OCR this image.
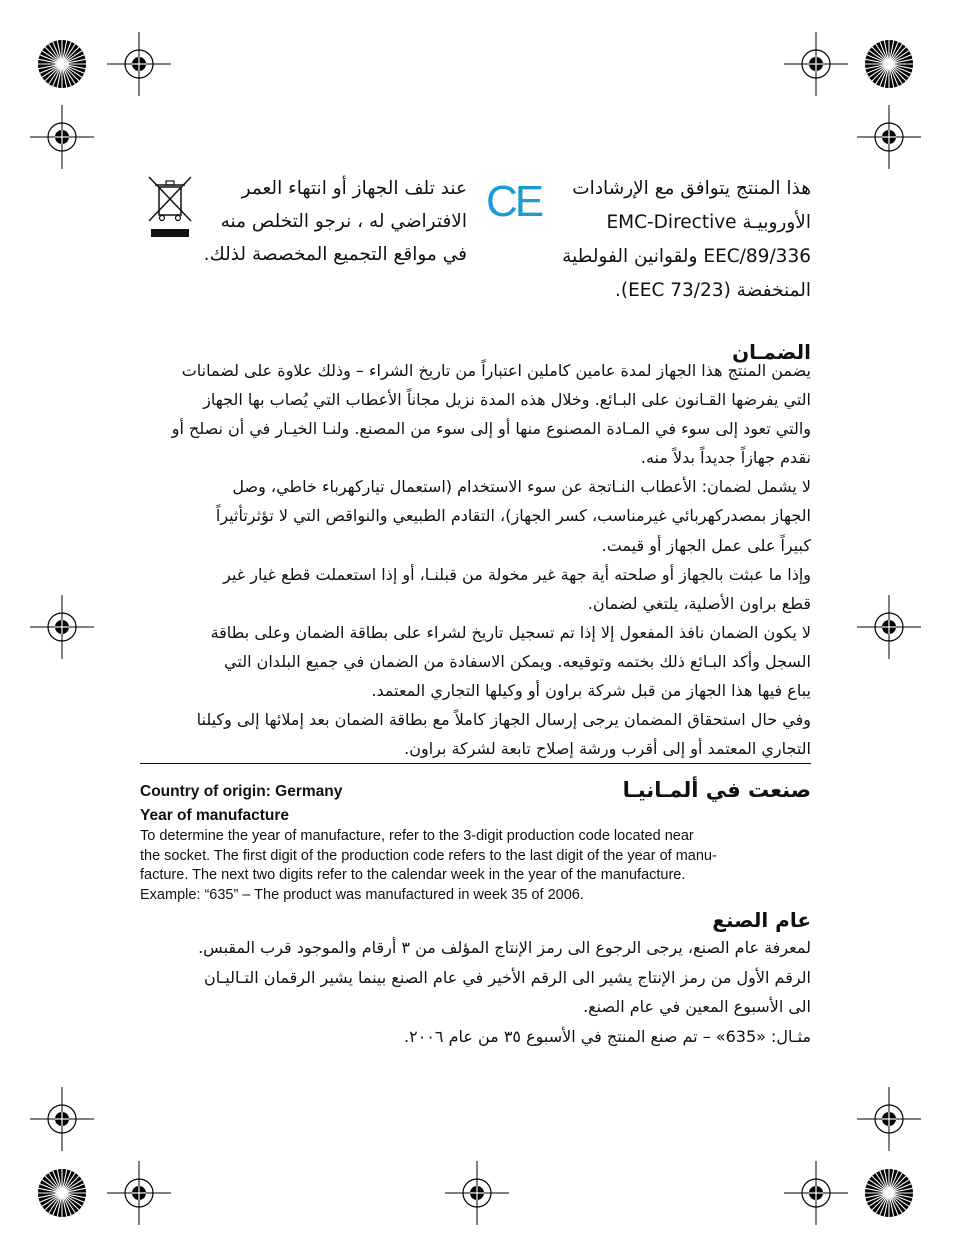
عند تلف الجهاز أو انتهاء العمر
الافتراضي له ، نرجو التخلص منه
في مواقع التجميع المخصصة لذلك.
CE	هذا المنتج يتوافق مع الإرشادات
الأوروبيـة EMC-Directive
89/336/EEC ولقوانين الفولطية
المنخفضة (73/23 EEC).
الضمـان
يضمن المنتج هذا الجهاز لمدة عامين كاملين اعتباراً من تاريخ الشراء – وذلك علاوة على لضمانات
التي يفرضها القـانون على البـائع. وخلال هذه المدة نزيل مجاناً الأعطاب التي يُصاب بها الجهاز
والتي تعود إلى سوء في المـادة المصنوع منها أو إلى سوء من المصنع. ولنـا الخيـار في أن نصلح أو
نقدم جهازاً جديداً بدلاً منه.
لا يشمل لضمان: الأعطاب النـاتجة عن سوء الاستخدام (استعمال تياركهرباء خاطي، وصل
الجهاز بمصدركهربائي غيرمناسب، كسر الجهاز)، التقادم الطبيعي والنواقص التي لا تؤثرتأثيراً
كبيراً على عمل الجهاز أو قيمت.
وإذا ما عبثت بالجهاز أو صلحته أية جهة غير مخولة من قبلنـا، أو إذا استعملت قطع غيار غير
قطع براون الأصلية، يلتغي لضمان.
لا يكون الضمان نافذ المفعول إلا إذا تم تسجيل تاريخ لشراء على بطاقة الضمان وعلى بطاقة
السجل وأكد البـائع ذلك بختمه وتوقيعه. ويمكن الاسفادة من الضمان في جميع البلدان التي
يباع فيها هذا الجهاز من قبل شركة براون أو وكيلها التجاري المعتمد.
وفي حال استحقاق المضمان يرجى إرسال الجهاز كاملاً مع بطاقة الضمان بعد إملائها إلى وكيلنا
التجاري المعتمد أو إلى أقرب ورشة إصلاح تابعة لشركة براون.
Country of origin: Germany	صنعت في ألمـانيـا
Year of manufacture
To determine the year of manufacture, refer to the 3-digit production code located near
the socket. The first digit of the production code refers to the last digit of the year of manu-
facture. The next two digits refer to the calendar week in the year of the manufacture.
Example: “635” – The product was manufactured in week 35 of 2006.
عام الصنع
لمعرفة عام الصنع، يرجى الرجوع الى رمز الإنتاج المؤلف من ٣ أرقام والموجود قرب المقبس.
الرقم الأول من رمز الإنتاج يشير الى الرقم الأخير في عام الصنع بينما يشير الرقمان التـاليـان
الى الأسبوع المعين في عام الصنع.
مثـال: «635» – تم صنع المنتج في الأسبوع ٣٥ من عام ٢٠٠٦.
